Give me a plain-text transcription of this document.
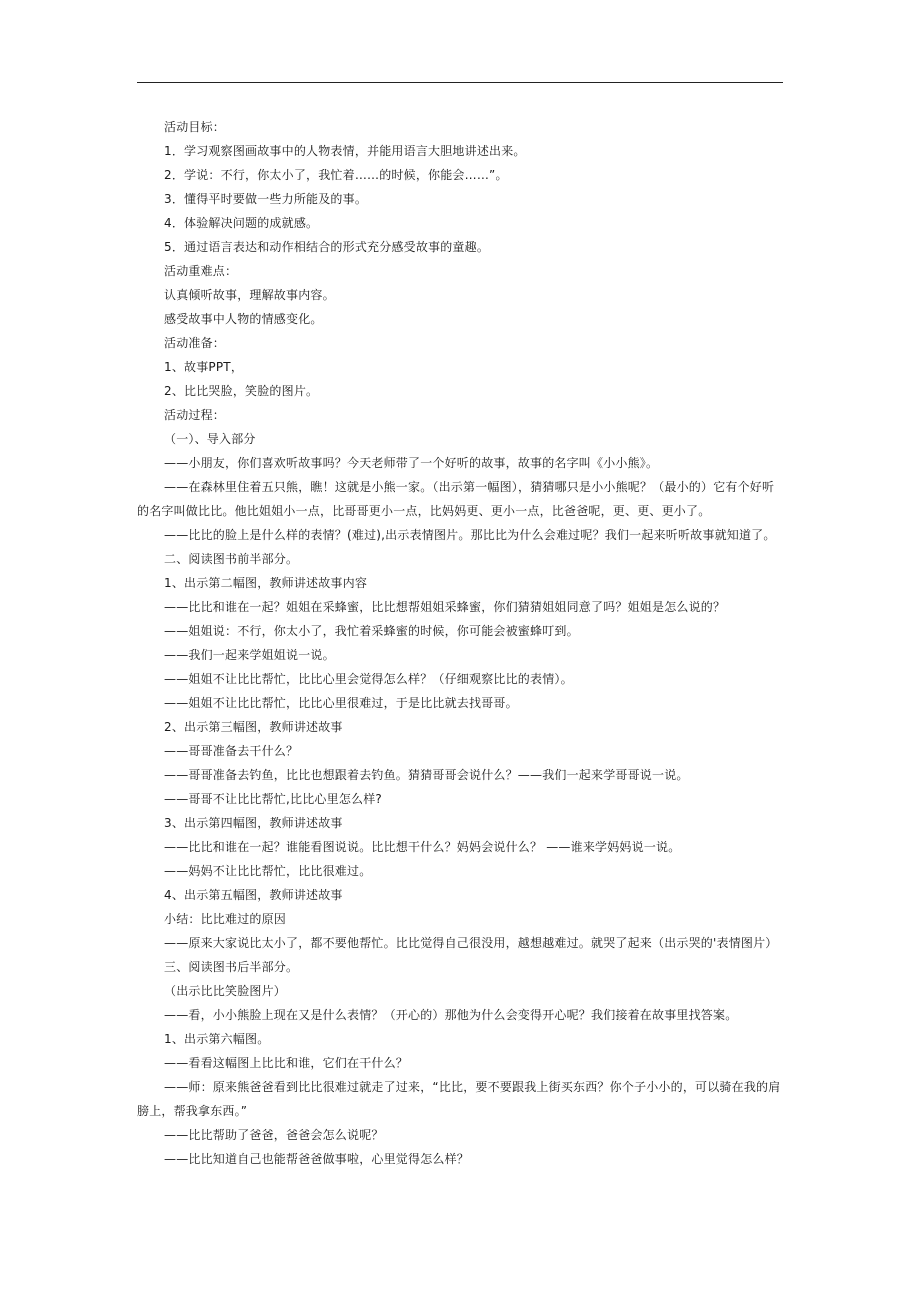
活动目标：
1．学习观察图画故事中的人物表情，并能用语言大胆地讲述出来。
2．学说：不行，你太小了，我忙着……的时候，你能会……”。
3．懂得平时要做一些力所能及的事。
4．体验解决问题的成就感。
5．通过语言表达和动作相结合的形式充分感受故事的童趣。
活动重难点：
认真倾听故事，理解故事内容。
感受故事中人物的情感变化。
活动准备：
1、故事PPT，
2、比比哭脸，笑脸的图片。
活动过程：
（一）、导入部分
——小朋友，你们喜欢听故事吗？今天老师带了一个好听的故事，故事的名字叫《小小熊》。
——在森林里住着五只熊，瞧！这就是小熊一家。（出示第一幅图），猜猜哪只是小小熊呢？（最小的）它有个好听的名字叫做比比。他比姐姐小一点，比哥哥更小一点，比妈妈更、更小一点，比爸爸呢，更、更、更小了。
——比比的脸上是什么样的表情？(难过),出示表情图片。那比比为什么会难过呢？我们一起来听听故事就知道了。
二、阅读图书前半部分。
1、出示第二幅图，教师讲述故事内容
——比比和谁在一起？姐姐在采蜂蜜，比比想帮姐姐采蜂蜜，你们猜猜姐姐同意了吗？姐姐是怎么说的？
——姐姐说：不行，你太小了，我忙着采蜂蜜的时候，你可能会被蜜蜂叮到。
——我们一起来学姐姐说一说。
——姐姐不让比比帮忙，比比心里会觉得怎么样？（仔细观察比比的表情）。
——姐姐不让比比帮忙，比比心里很难过，于是比比就去找哥哥。
2、出示第三幅图，教师讲述故事
——哥哥准备去干什么？
——哥哥准备去钓鱼，比比也想跟着去钓鱼。猜猜哥哥会说什么？——我们一起来学哥哥说一说。
——哥哥不让比比帮忙,比比心里怎么样?
3、出示第四幅图，教师讲述故事
——比比和谁在一起？谁能看图说说。比比想干什么？妈妈会说什么？ ——谁来学妈妈说一说。
——妈妈不让比比帮忙，比比很难过。
4、出示第五幅图，教师讲述故事
小结：比比难过的原因
——原来大家说比太小了，都不要他帮忙。比比觉得自己很没用，越想越难过。就哭了起来（出示哭的'表情图片）
三、阅读图书后半部分。
（出示比比笑脸图片）
——看，小小熊脸上现在又是什么表情？（开心的）那他为什么会变得开心呢？我们接着在故事里找答案。
1、出示第六幅图。
——看看这幅图上比比和谁，它们在干什么？
——师：原来熊爸爸看到比比很难过就走了过来，“比比，要不要跟我上街买东西？你个子小小的，可以骑在我的肩膀上，帮我拿东西。”
——比比帮助了爸爸，爸爸会怎么说呢？
——比比知道自己也能帮爸爸做事啦，心里觉得怎么样？
